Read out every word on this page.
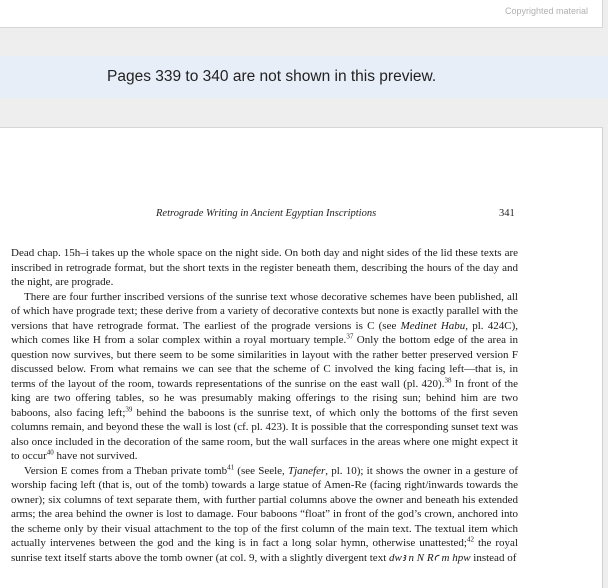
Copyrighted material
Pages 339 to 340 are not shown in this preview.
Retrograde Writing in Ancient Egyptian Inscriptions	341

Dead chap. 15h–i takes up the whole space on the night side. On both day and night sides of the lid these texts are inscribed in retrograde format, but the short texts in the register beneath them, describing the hours of the day and the night, are prograde.

There are four further inscribed versions of the sunrise text whose decorative schemes have been published, all of which have prograde text; these derive from a variety of decorative contexts but none is exactly parallel with the versions that have retrograde format. The earliest of the prograde versions is C (see Medinet Habu, pl. 424C), which comes like H from a solar complex within a royal mortuary temple.$^{37}$ Only the bottom edge of the area in question now survives, but there seem to be some similarities in layout with the rather better preserved version F discussed below. From what remains we can see that the scheme of C involved the king facing left—that is, in terms of the layout of the room, towards representations of the sunrise on the east wall (pl. 420).$^{38}$ In front of the king are two offering tables, so he was presumably making offerings to the rising sun; behind him are two baboons, also facing left;$^{39}$ behind the baboons is the sunrise text, of which only the bottoms of the first seven columns remain, and beyond these the wall is lost (cf. pl. 423). It is possible that the corresponding sunset text was also once included in the decoration of the same room, but the wall surfaces in the areas where one might expect it to occur$^{40}$ have not survived.

Version E comes from a Theban private tomb$^{41}$ (see Seele, Tjanefer, pl. 10); it shows the owner in a gesture of worship facing left (that is, out of the tomb) towards a large statue of Amen-Re (facing right/inwards towards the owner); six columns of text separate them, with further partial columns above the owner and beneath his extended arms; the area behind the owner is lost to damage. Four baboons “float” in front of the god’s crown, anchored into the scheme only by their visual attachment to the top of the first column of the main text. The textual item which actually intervenes between the god and the king is in fact a long solar hymn, otherwise unattested;$^{42}$ the royal sunrise text itself starts above the tomb owner (at col. 9, with a slightly divergent text dwꜣ n N Rꜥ m hpw instead of
